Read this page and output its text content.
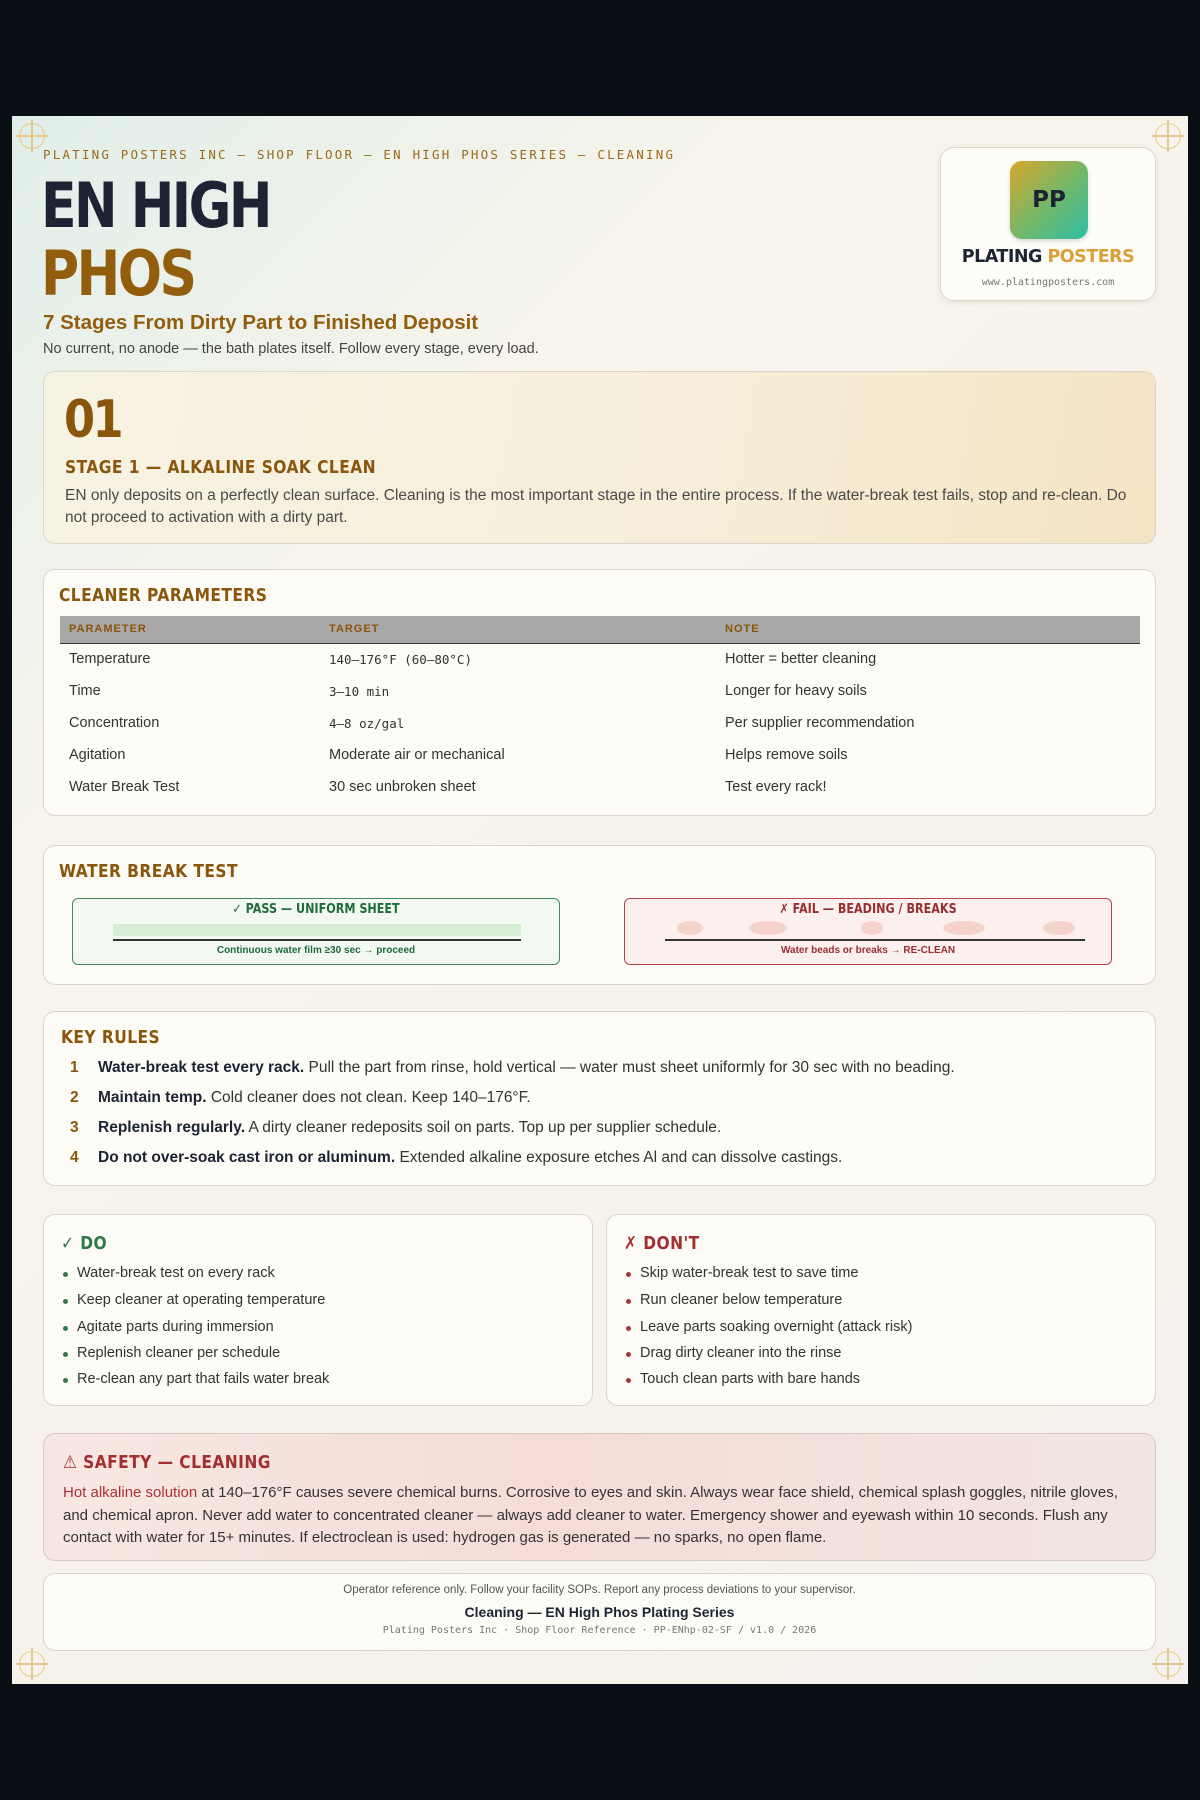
PLATING POSTERS INC — SHOP FLOOR — EN HIGH PHOS SERIES — CLEANING
EN HIGH
PHOS
7 Stages From Dirty Part to Finished Deposit
No current, no anode — the bath plates itself. Follow every stage, every load.
PP
PLATING POSTERS
www.platingposters.com
01
STAGE 1 — ALKALINE SOAK CLEAN
EN only deposits on a perfectly clean surface. Cleaning is the most important stage in the entire process. If the water-break test fails, stop and re-clean. Do not proceed to activation with a dirty part.
CLEANER PARAMETERS
PARAMETER	TARGET	NOTE
Temperature	140–176°F (60–80°C)	Hotter = better cleaning
Time	3–10 min	Longer for heavy soils
Concentration	4–8 oz/gal	Per supplier recommendation
Agitation	Moderate air or mechanical	Helps remove soils
Water Break Test	30 sec unbroken sheet	Test every rack!
WATER BREAK TEST
✓ PASS — UNIFORM SHEET
Continuous water film ≥30 sec → proceed
✗ FAIL — BEADING / BREAKS
Water beads or breaks → RE-CLEAN
KEY RULES
1	Water-break test every rack. Pull the part from rinse, hold vertical — water must sheet uniformly for 30 sec with no beading.
2	Maintain temp. Cold cleaner does not clean. Keep 140–176°F.
3	Replenish regularly. A dirty cleaner redeposits soil on parts. Top up per supplier schedule.
4	Do not over-soak cast iron or aluminum. Extended alkaline exposure etches Al and can dissolve castings.
✓ DO
Water-break test on every rack
Keep cleaner at operating temperature
Agitate parts during immersion
Replenish cleaner per schedule
Re-clean any part that fails water break
✗ DON'T
Skip water-break test to save time
Run cleaner below temperature
Leave parts soaking overnight (attack risk)
Drag dirty cleaner into the rinse
Touch clean parts with bare hands
⚠ SAFETY — CLEANING
Hot alkaline solution at 140–176°F causes severe chemical burns. Corrosive to eyes and skin. Always wear face shield, chemical splash goggles, nitrile gloves, and chemical apron. Never add water to concentrated cleaner — always add cleaner to water. Emergency shower and eyewash within 10 seconds. Flush any contact with water for 15+ minutes. If electroclean is used: hydrogen gas is generated — no sparks, no open flame.
Operator reference only. Follow your facility SOPs. Report any process deviations to your supervisor.
Cleaning — EN High Phos Plating Series
Plating Posters Inc · Shop Floor Reference · PP-ENhp-02-SF / v1.0 / 2026
